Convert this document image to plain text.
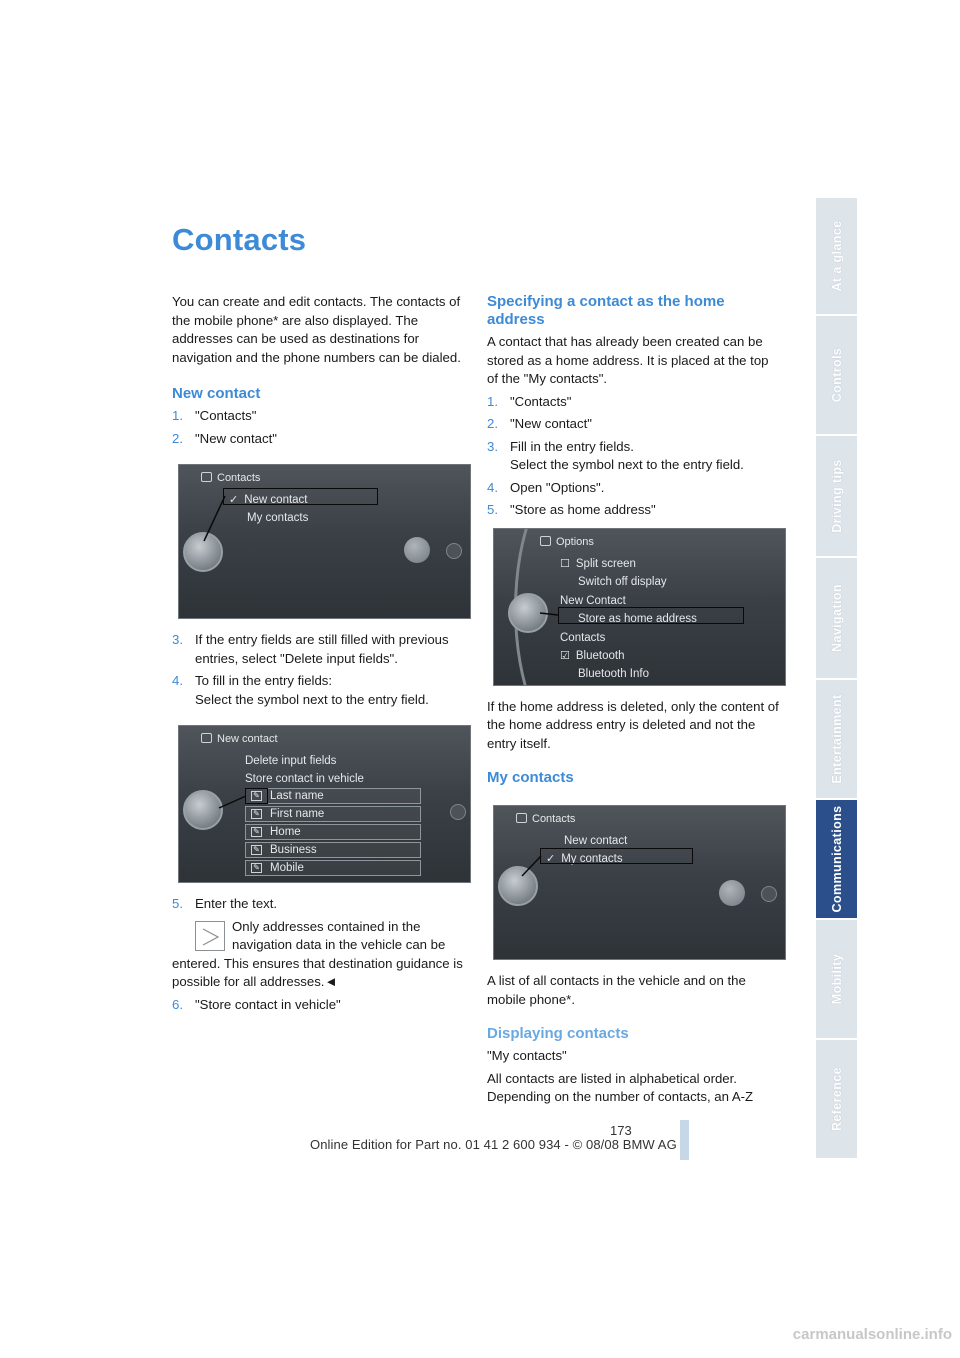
Contacts

You can create and edit contacts. The contacts of the mobile phone* are also displayed. The addresses can be used as destinations for navigation and the phone numbers can be dialed.

New contact
1. "Contacts"
2. "New contact"
Contacts
✓ New contact
My contacts
3. If the entry fields are still filled with previous entries, select "Delete input fields".
4. To fill in the entry fields:
Select the symbol next to the entry field.
New contact
Delete input fields
Store contact in vehicle
✎ Last name
✎ First name
✎ Home
✎ Business
✎ Mobile
5. Enter the text.
Only addresses contained in the navigation data in the vehicle can be
entered. This ensures that destination guidance is possible for all addresses.◄
6. "Store contact in vehicle"
Specifying a contact as the home address

A contact that has already been created can be stored as a home address. It is placed at the top of the "My contacts".

1. "Contacts"
2. "New contact"
3. Fill in the entry fields.
Select the symbol next to the entry field.
4. Open "Options".
5. "Store as home address"
Options
☐ Split screen
Switch off display
New Contact
Store as home address
Contacts
☑ Bluetooth
Bluetooth Info

If the home address is deleted, only the content of the home address entry is deleted and not the entry itself.

My contacts
Contacts
New contact
✓ My contacts

A list of all contacts in the vehicle and on the mobile phone*.

Displaying contacts

"My contacts"

All contacts are listed in alphabetical order. Depending on the number of contacts, an A-Z

At a glance
Controls
Driving tips
Navigation
Entertainment
Communications
Mobility
Reference
173
Online Edition for Part no. 01 41 2 600 934 - © 08/08 BMW AG
carmanualsonline.info
